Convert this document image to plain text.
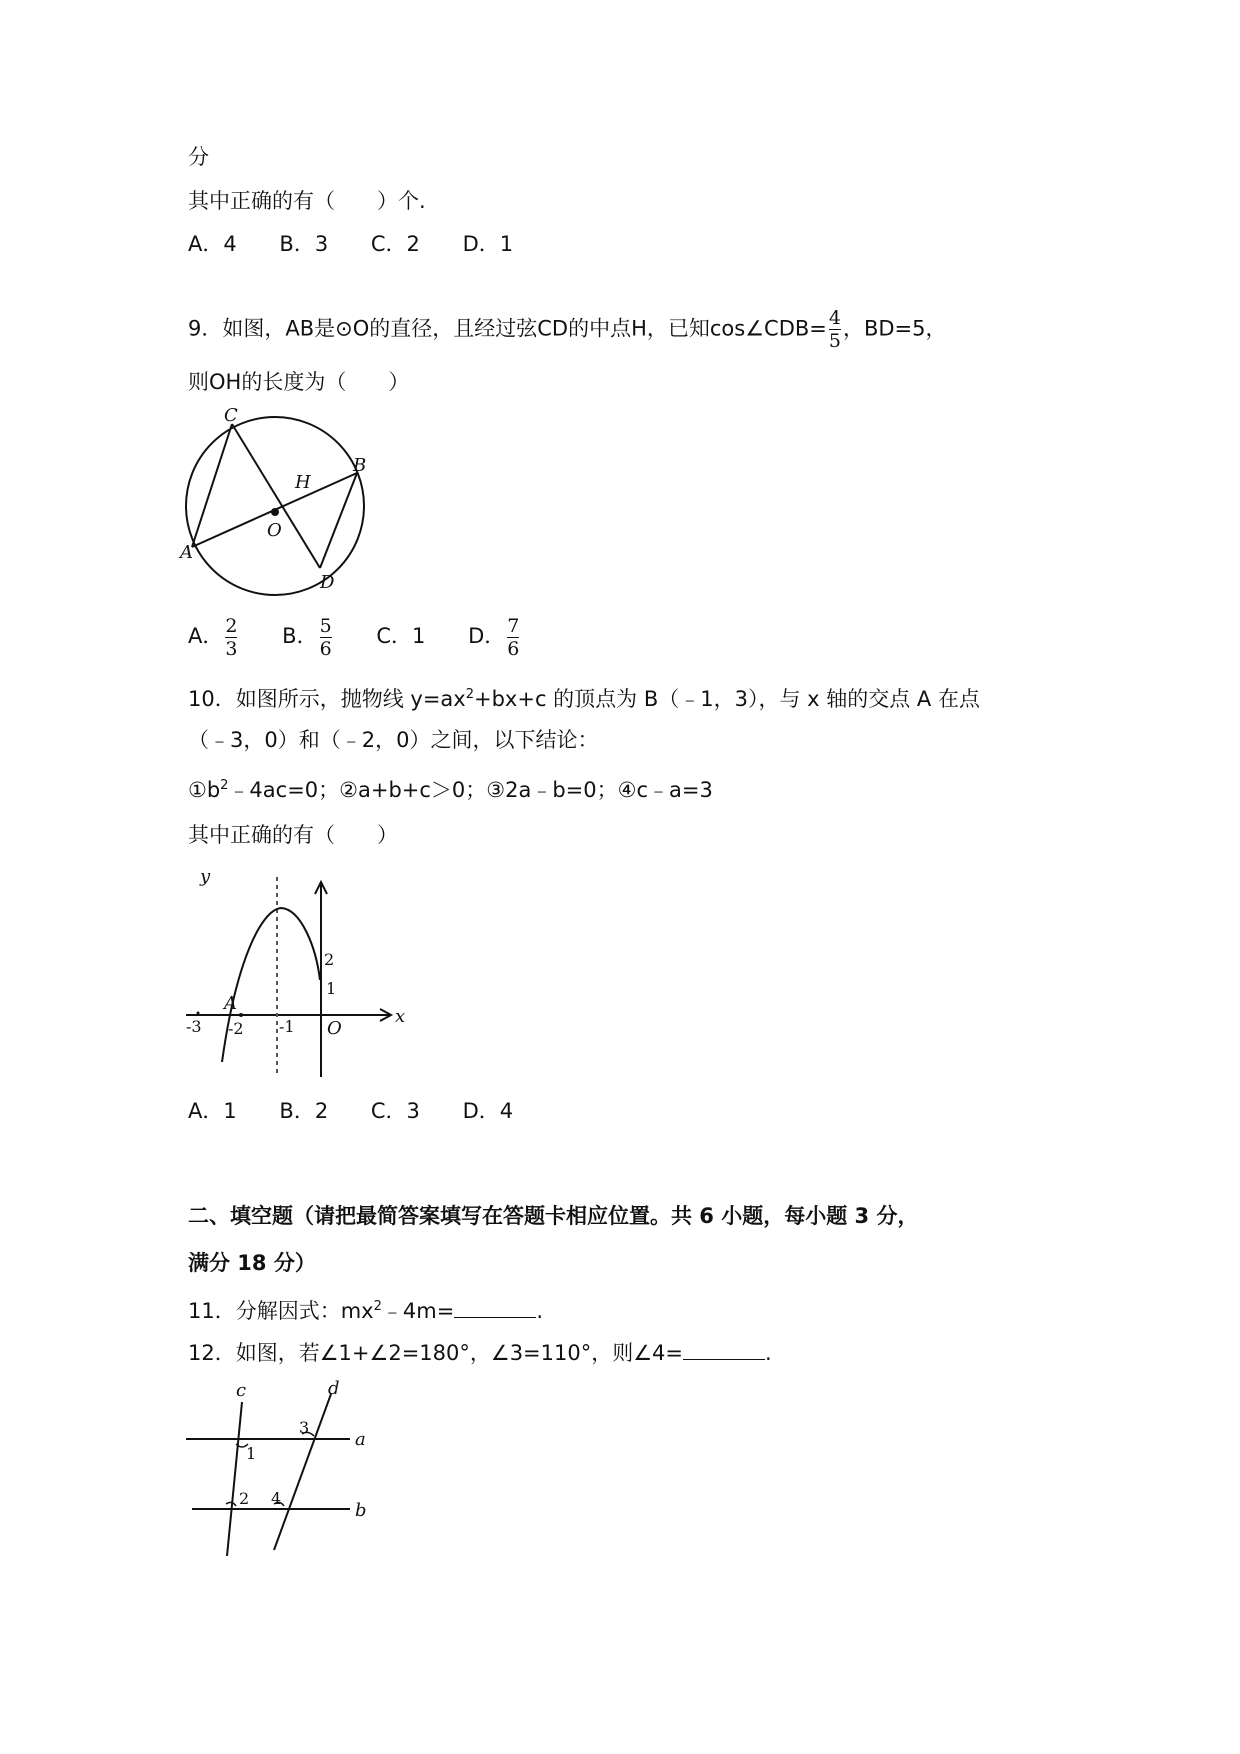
分
其中正确的有（　　）个.
A．4 B．3 C．2 D．1
9．如图，AB是⊙O的直径，且经过弦CD的中点H，已知cos∠CDB= $\frac{4}{5}$ ，BD=5，
则OH的长度为（　　）
C
B
H
O
A
D
A． $\frac{2}{3}$ B． $\frac{5}{6}$ C．1 D． $\frac{7}{6}$
10．如图所示，抛物线 $y=ax^2+bx+c$ 的顶点为 B（﹣1，3），与 x 轴的交点 A 在点
（﹣3，0）和（﹣2，0）之间，以下结论：
$①b^2﹣4ac=0$；②a+b+c＞0；③2a﹣b=0；④c﹣a=3
其中正确的有（　　）
y
x
O
A
2
1
-3 -2 -1
A．1 B．2 C．3 D．4
二、填空题（请把最简答案填写在答题卡相应位置。共 6 小题，每小题 3 分，
满分 18 分）
11．分解因式：$mx^2﹣4m=$	.
12．如图，若∠1+∠2=180°，∠3=110°，则∠4=	.
c	d
a
b
1
2
3
4
